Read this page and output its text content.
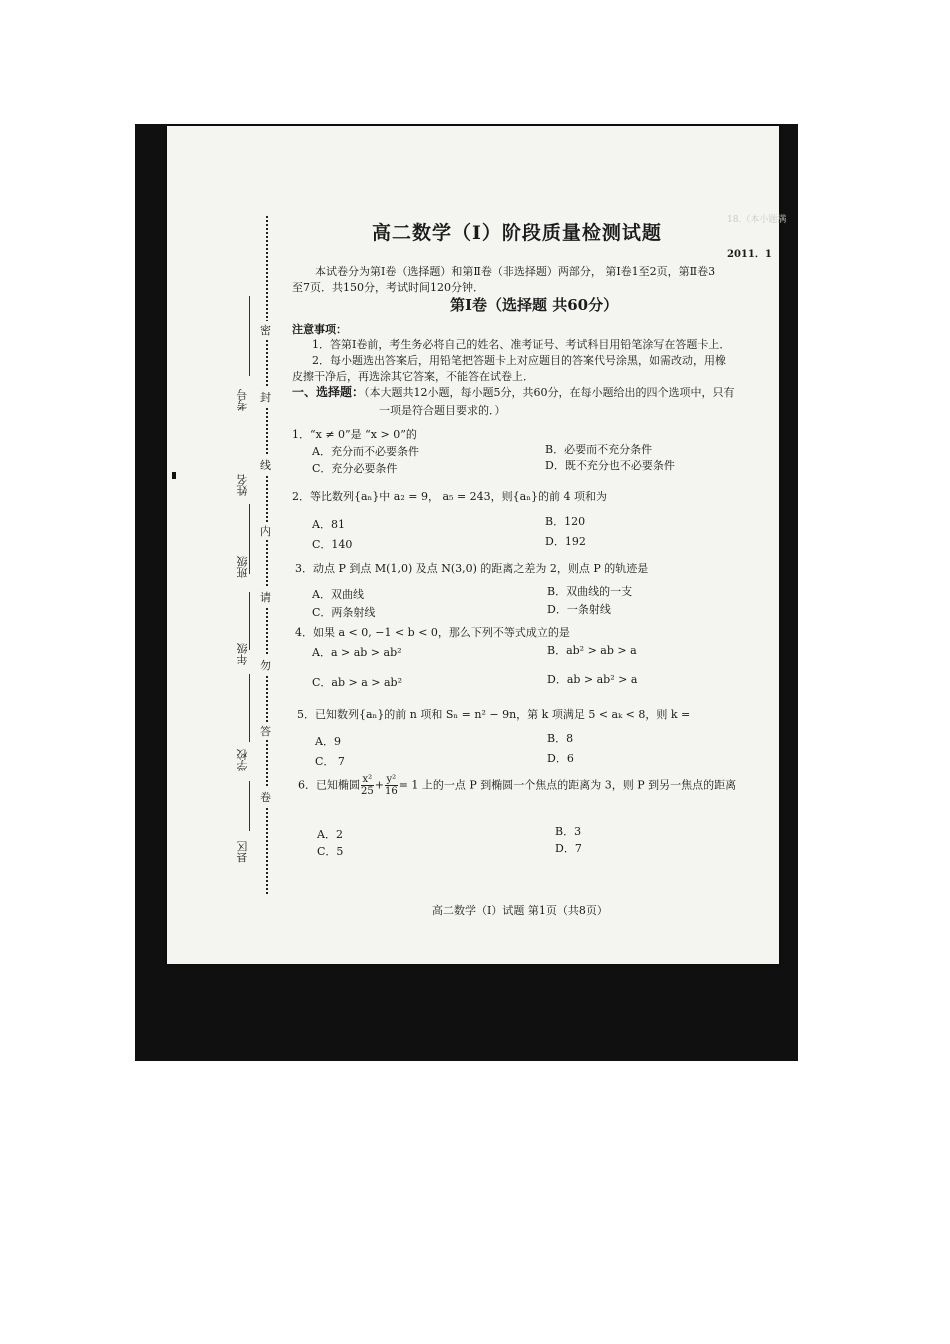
18.（本小题满
密
封
线
内
请
勿
答
卷
考号
姓名
班级
年级
学校
县区
高二数学（Ⅰ）阶段质量检测试题
2011．1
本试卷分为第Ⅰ卷（选择题）和第Ⅱ卷（非选择题）两部分， 第Ⅰ卷1至2页，第Ⅱ卷3
至7页．共150分，考试时间120分钟．
第Ⅰ卷（选择题 共60分）
注意事项：
1．答第Ⅰ卷前，考生务必将自己的姓名、准考证号、考试科目用铅笔涂写在答题卡上．
2．每小题选出答案后，用铅笔把答题卡上对应题目的答案代号涂黑，如需改动，用橡
皮擦干净后，再选涂其它答案，不能答在试卷上．
一、选择题：（本大题共12小题，每小题5分，共60分，在每小题给出的四个选项中，只有
一项是符合题目要求的．）
1．“x ≠ 0”是 “x > 0”的
A．充分而不必要条件	B．必要而不充分条件
C．充分必要条件	D．既不充分也不必要条件
2．等比数列{aₙ}中 a₂ = 9， a₅ = 243，则{aₙ}的前 4 项和为
A．81	B．120
C．140	D．192
3．动点 P 到点 M(1,0) 及点 N(3,0) 的距离之差为 2，则点 P 的轨迹是
A．双曲线	B．双曲线的一支
C．两条射线	D．一条射线
4．如果 a < 0, −1 < b < 0，那么下列不等式成立的是
A．a > ab > ab²	B．ab² > ab > a
C．ab > a > ab²	D．ab > ab² > a
5．已知数列{aₙ}的前 n 项和 Sₙ = n² − 9n，第 k 项满足 5 < aₖ < 8，则 k =
A．9	B．8
C． 7	D．6
6．已知椭圆 $\frac{\text{x²}}{25} + \frac{\text{y²}}{16} = 1$ 上的一点 P 到椭圆一个焦点的距离为 3，则 P 到另一焦点的距离
A．2	B．3
C．5	D．7
高二数学（Ⅰ）试题 第1页（共8页）
